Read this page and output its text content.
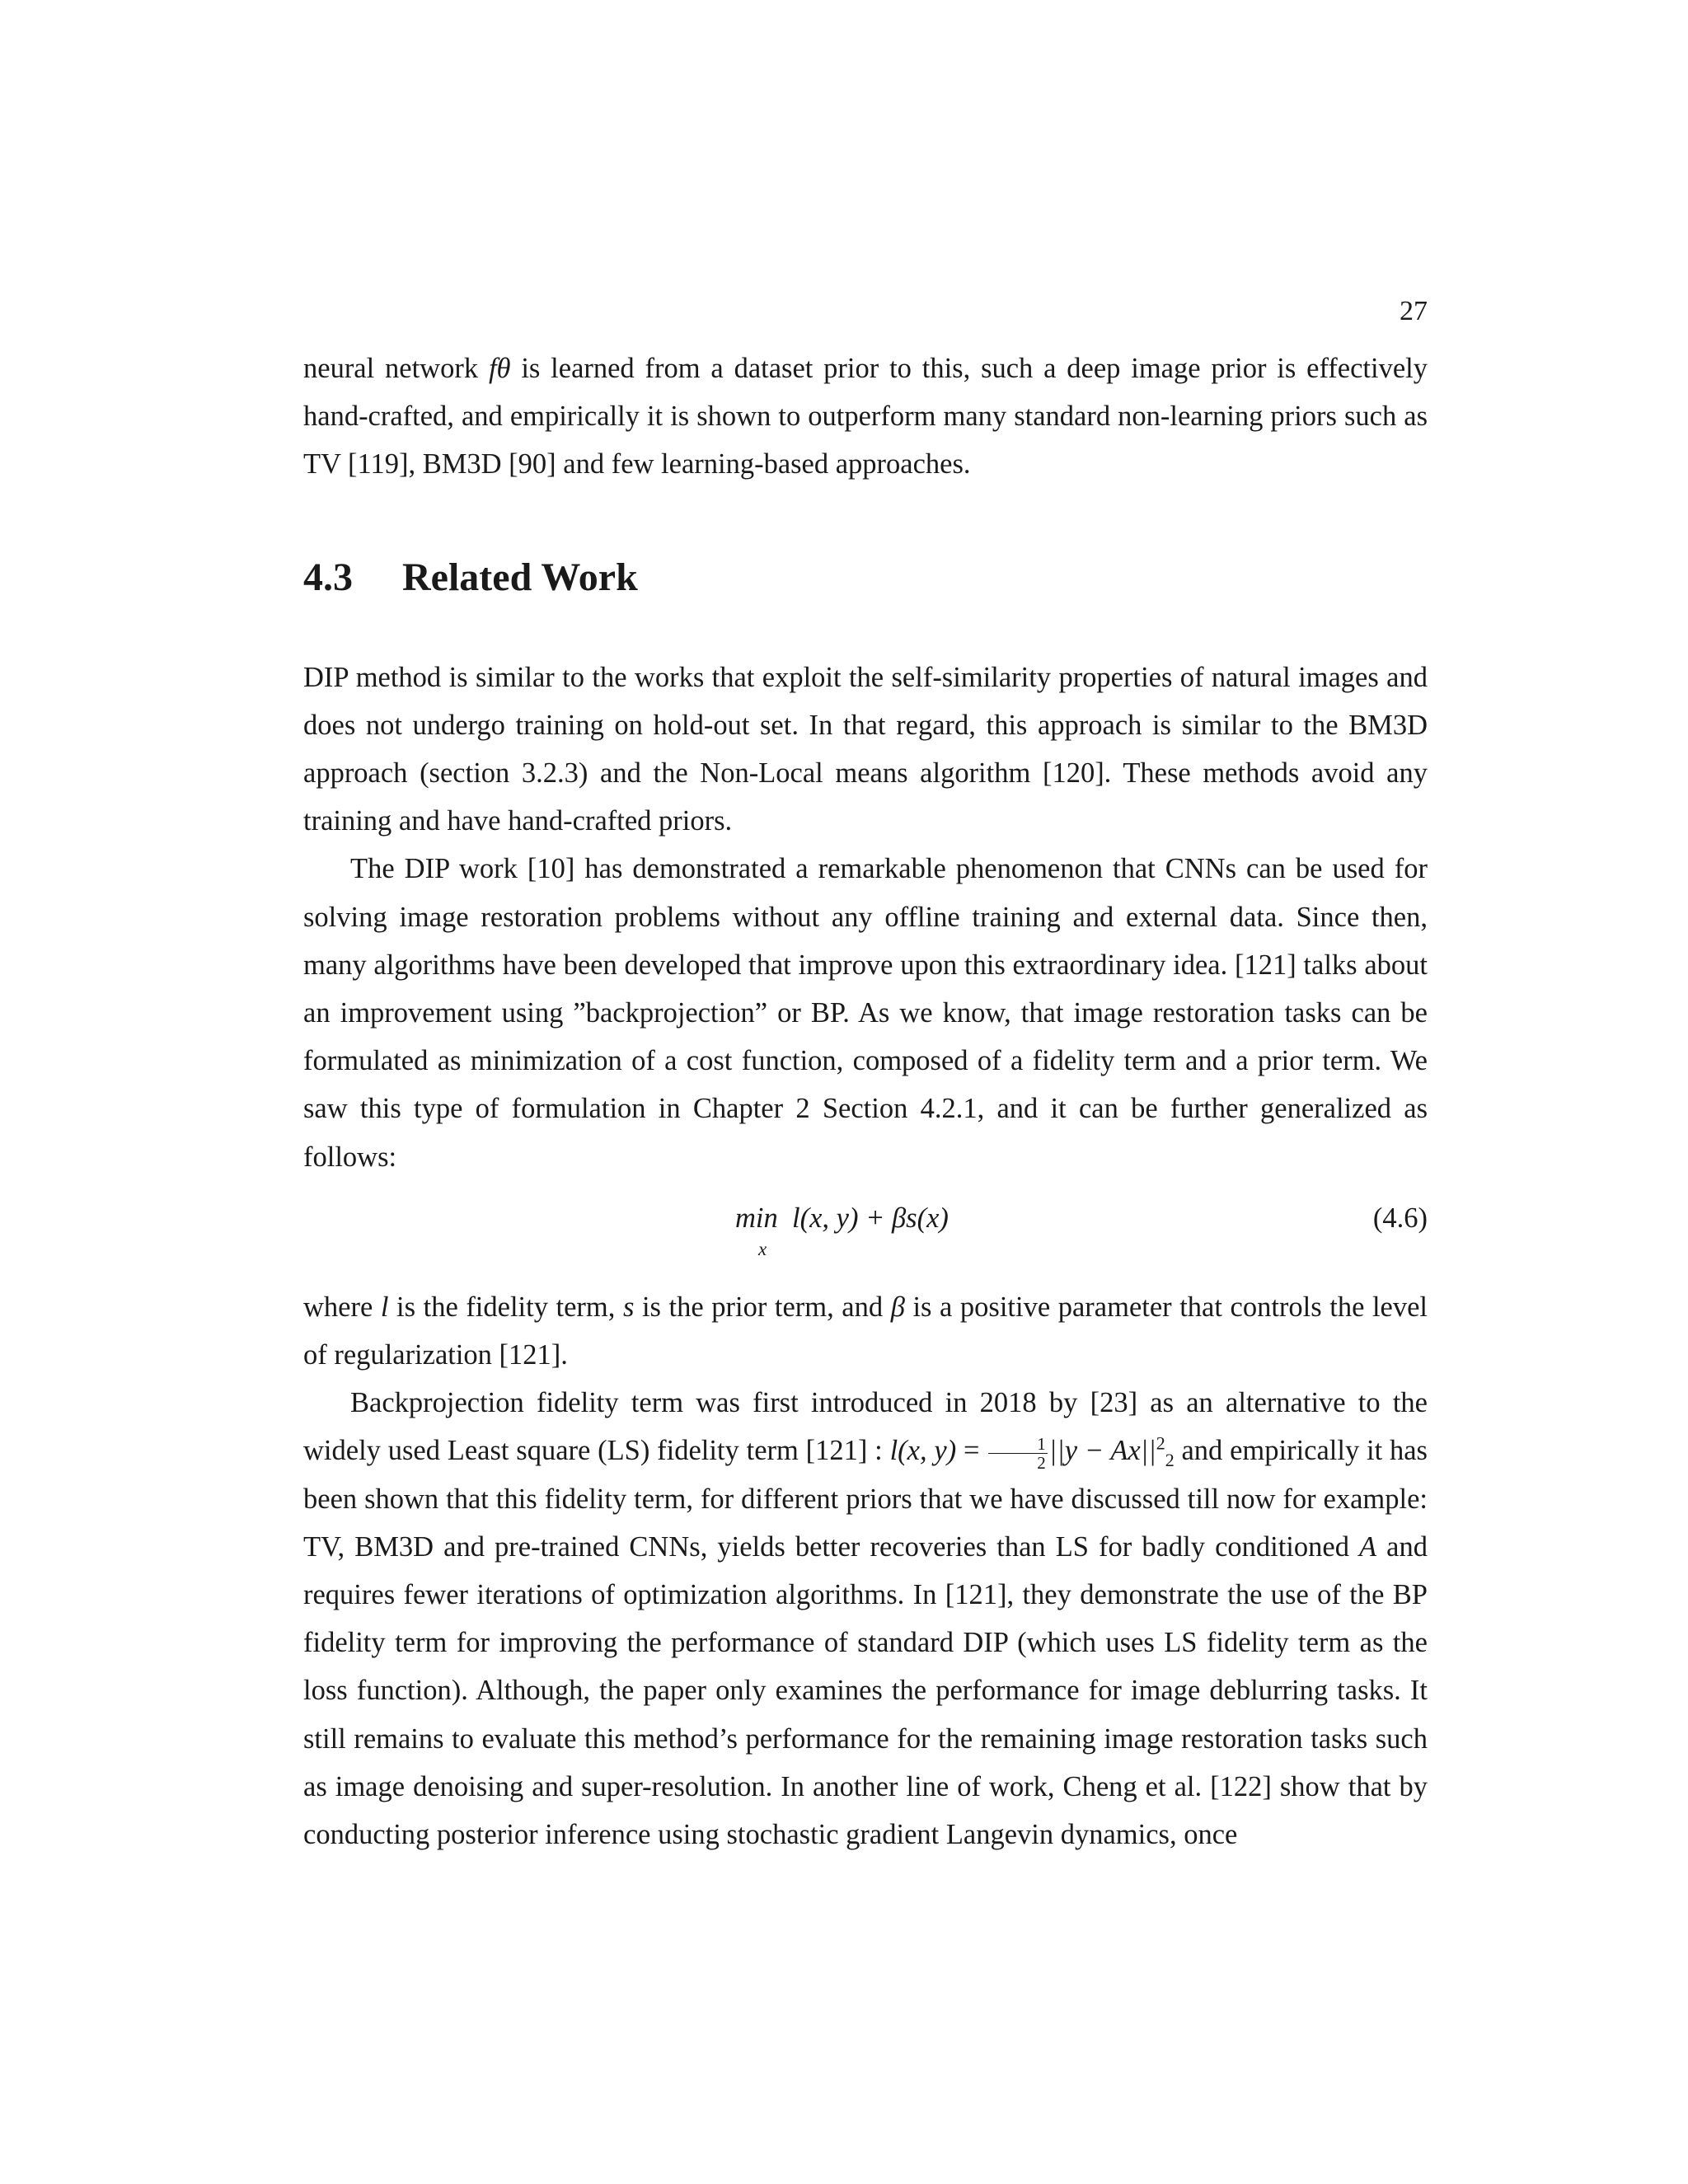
27

neural network fθ is learned from a dataset prior to this, such a deep image prior is effectively hand-crafted, and empirically it is shown to outperform many standard non-learning priors such as TV [119], BM3D [90] and few learning-based approaches.

4.3	Related Work

DIP method is similar to the works that exploit the self-similarity properties of natural images and does not undergo training on hold-out set. In that regard, this approach is similar to the BM3D approach (section 3.2.3) and the Non-Local means algorithm [120]. These methods avoid any training and have hand-crafted priors.

The DIP work [10] has demonstrated a remarkable phenomenon that CNNs can be used for solving image restoration problems without any offline training and external data. Since then, many algorithms have been developed that improve upon this extraordinary idea. [121] talks about an improvement using ”backprojection” or BP. As we know, that image restoration tasks can be formulated as minimization of a cost function, composed of a fidelity term and a prior term. We saw this type of formulation in Chapter 2 Section 4.2.1, and it can be further generalized as follows:

min l(x, y) + βs(x)
x
(4.6)

where l is the fidelity term, s is the prior term, and β is a positive parameter that controls the level of regularization [121].

Backprojection fidelity term was first introduced in 2018 by [23] as an alternative to the widely used Least square (LS) fidelity term [121] : l(x, $y) = \frac{1}{2} ||y - Ax||^2_2$ and empirically it has been shown that this fidelity term, for different priors that we have discussed till now for example: TV, BM3D and pre-trained CNNs, yields better recoveries than LS for badly conditioned A and requires fewer iterations of optimization algorithms. In [121], they demonstrate the use of the BP fidelity term for improving the performance of standard DIP (which uses LS fidelity term as the loss function). Although, the paper only examines the performance for image deblurring tasks. It still remains to evaluate this method’s performance for the remaining image restoration tasks such as image denoising and super-resolution. In another line of work, Cheng et al. [122] show that by conducting posterior inference using stochastic gradient Langevin dynamics, once
